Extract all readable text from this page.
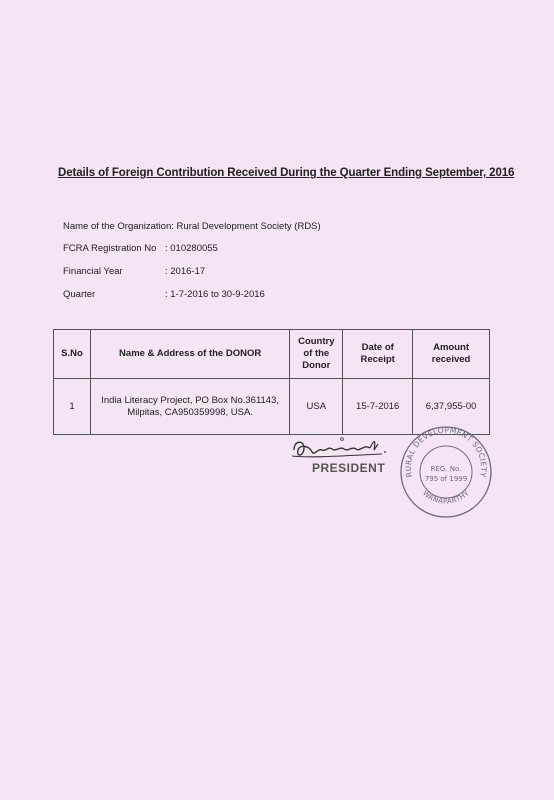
Details of Foreign Contribution Received During the Quarter Ending September, 2016
Name of the Organization: Rural Development Society (RDS)
FCRA Registration No : 010280055
Financial Year	: 2016-17
Quarter	: 1-7-2016 to 30-9-2016
S.No	Name & Address of the DONOR	Country of the Donor	Date of Receipt	Amount received
1	India Literacy Project, PO Box No.361143,
Milpitas, CA950359998, USA.	USA	15-7-2016	6,37,955-00
PRESIDENT	RURAL DEVELOPMENT SOCIETY
WANAPARTHY
REG. No.
795 of 1999
